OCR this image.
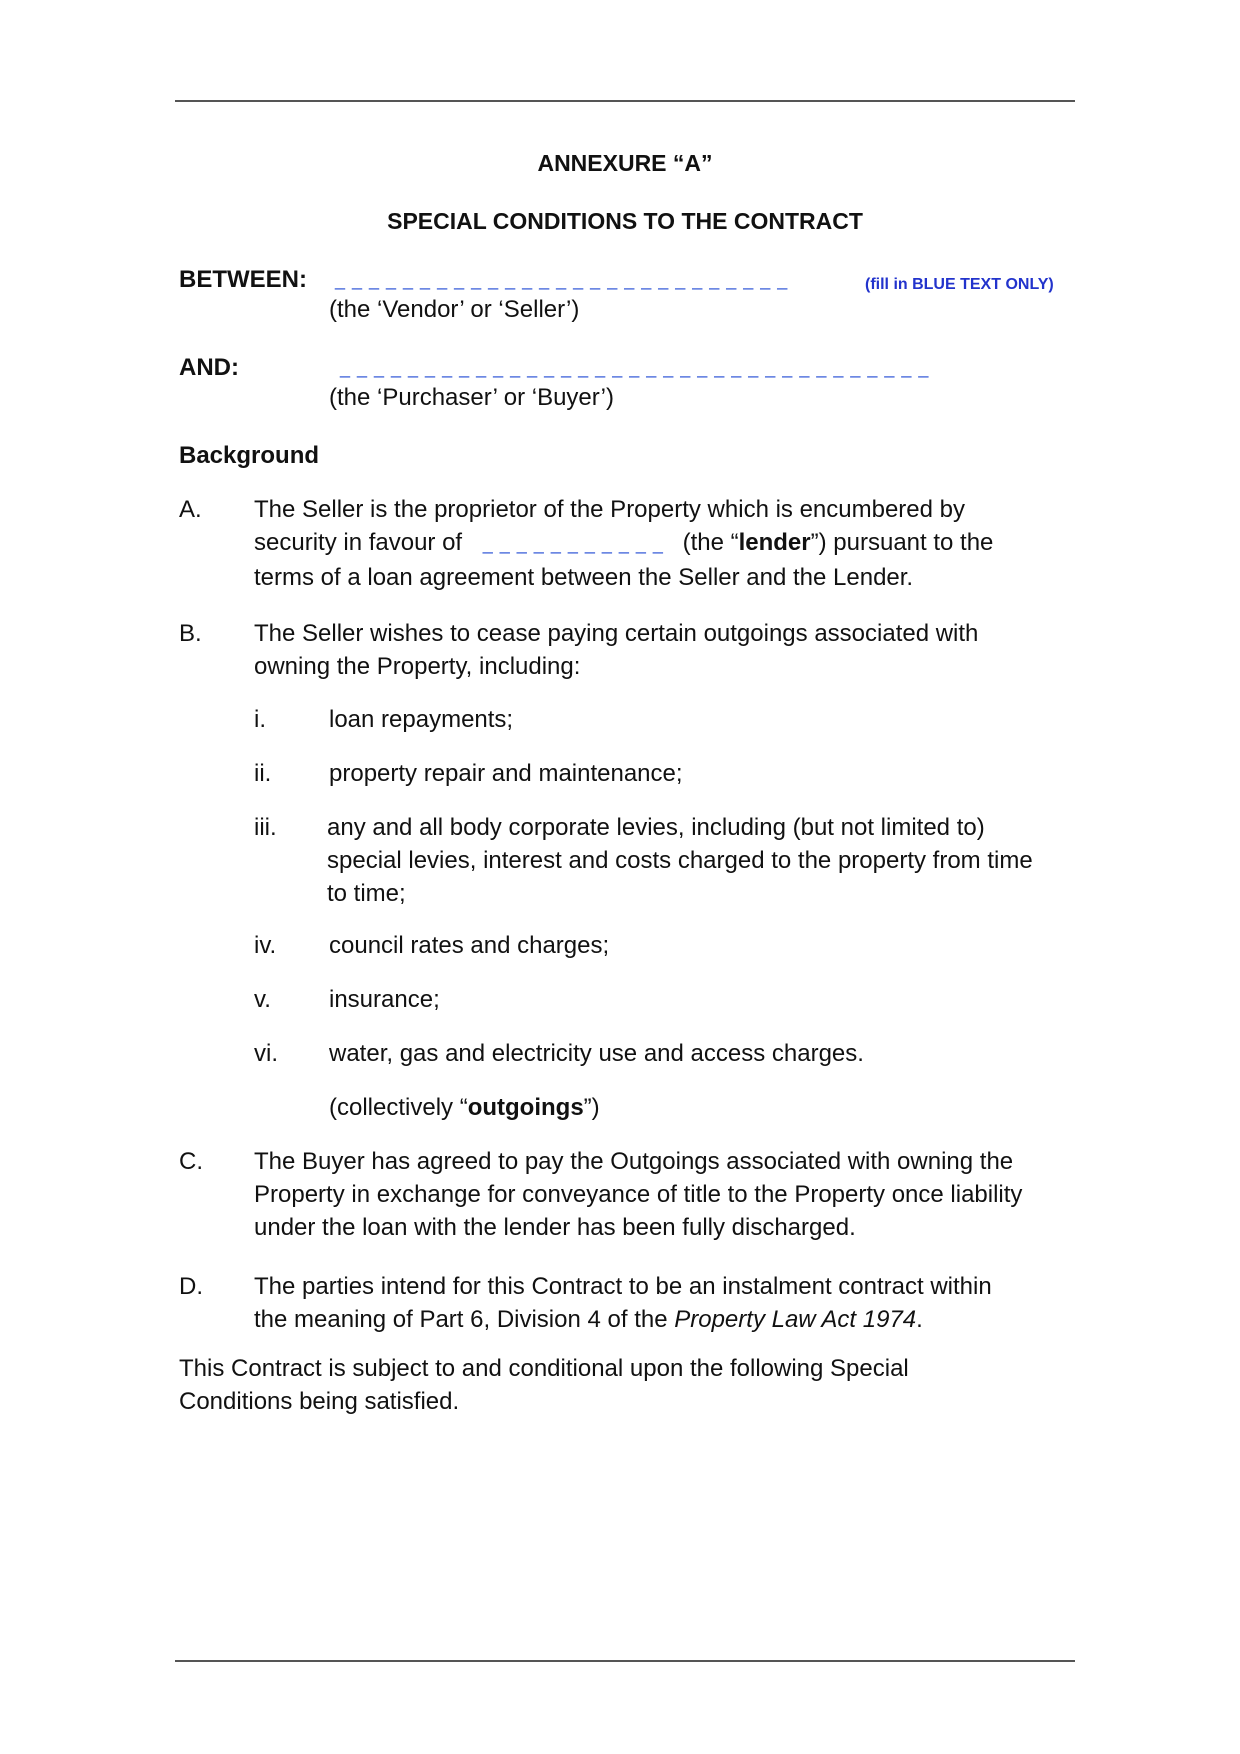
ANNEXURE “A”
SPECIAL CONDITIONS TO THE CONTRACT
BETWEEN: _ _ _ _ _ _ _ _ _ _ _ _ _ _ _ _ _ _ _ _ _ _ _ _ _ _ _	(fill in BLUE TEXT ONLY)
(the ‘Vendor’ or ‘Seller’)
AND:	_ _ _ _ _ _ _ _ _ _ _ _ _ _ _ _ _ _ _ _ _ _ _ _ _ _ _ _ _ _ _ _ _ _ _
(the ‘Purchaser’ or ‘Buyer’)
Background
A. The Seller is the proprietor of the Property which is encumbered by
security in favour of _ _ _ _ _ _ _ _ _ _ _ (the “lender”) pursuant to the
terms of a loan agreement between the Seller and the Lender.
B. The Seller wishes to cease paying certain outgoings associated with
owning the Property, including:
i.	loan repayments;
ii. property repair and maintenance;
iii. any and all body corporate levies, including (but not limited to)
special levies, interest and costs charged to the property from time
to time;
iv. council rates and charges;
v. insurance;
vi. water, gas and electricity use and access charges.
(collectively “outgoings”)
C. The Buyer has agreed to pay the Outgoings associated with owning the
Property in exchange for conveyance of title to the Property once liability
under the loan with the lender has been fully discharged.
D. The parties intend for this Contract to be an instalment contract within
the meaning of Part 6, Division 4 of the Property Law Act 1974.
This Contract is subject to and conditional upon the following Special
Conditions being satisfied.
